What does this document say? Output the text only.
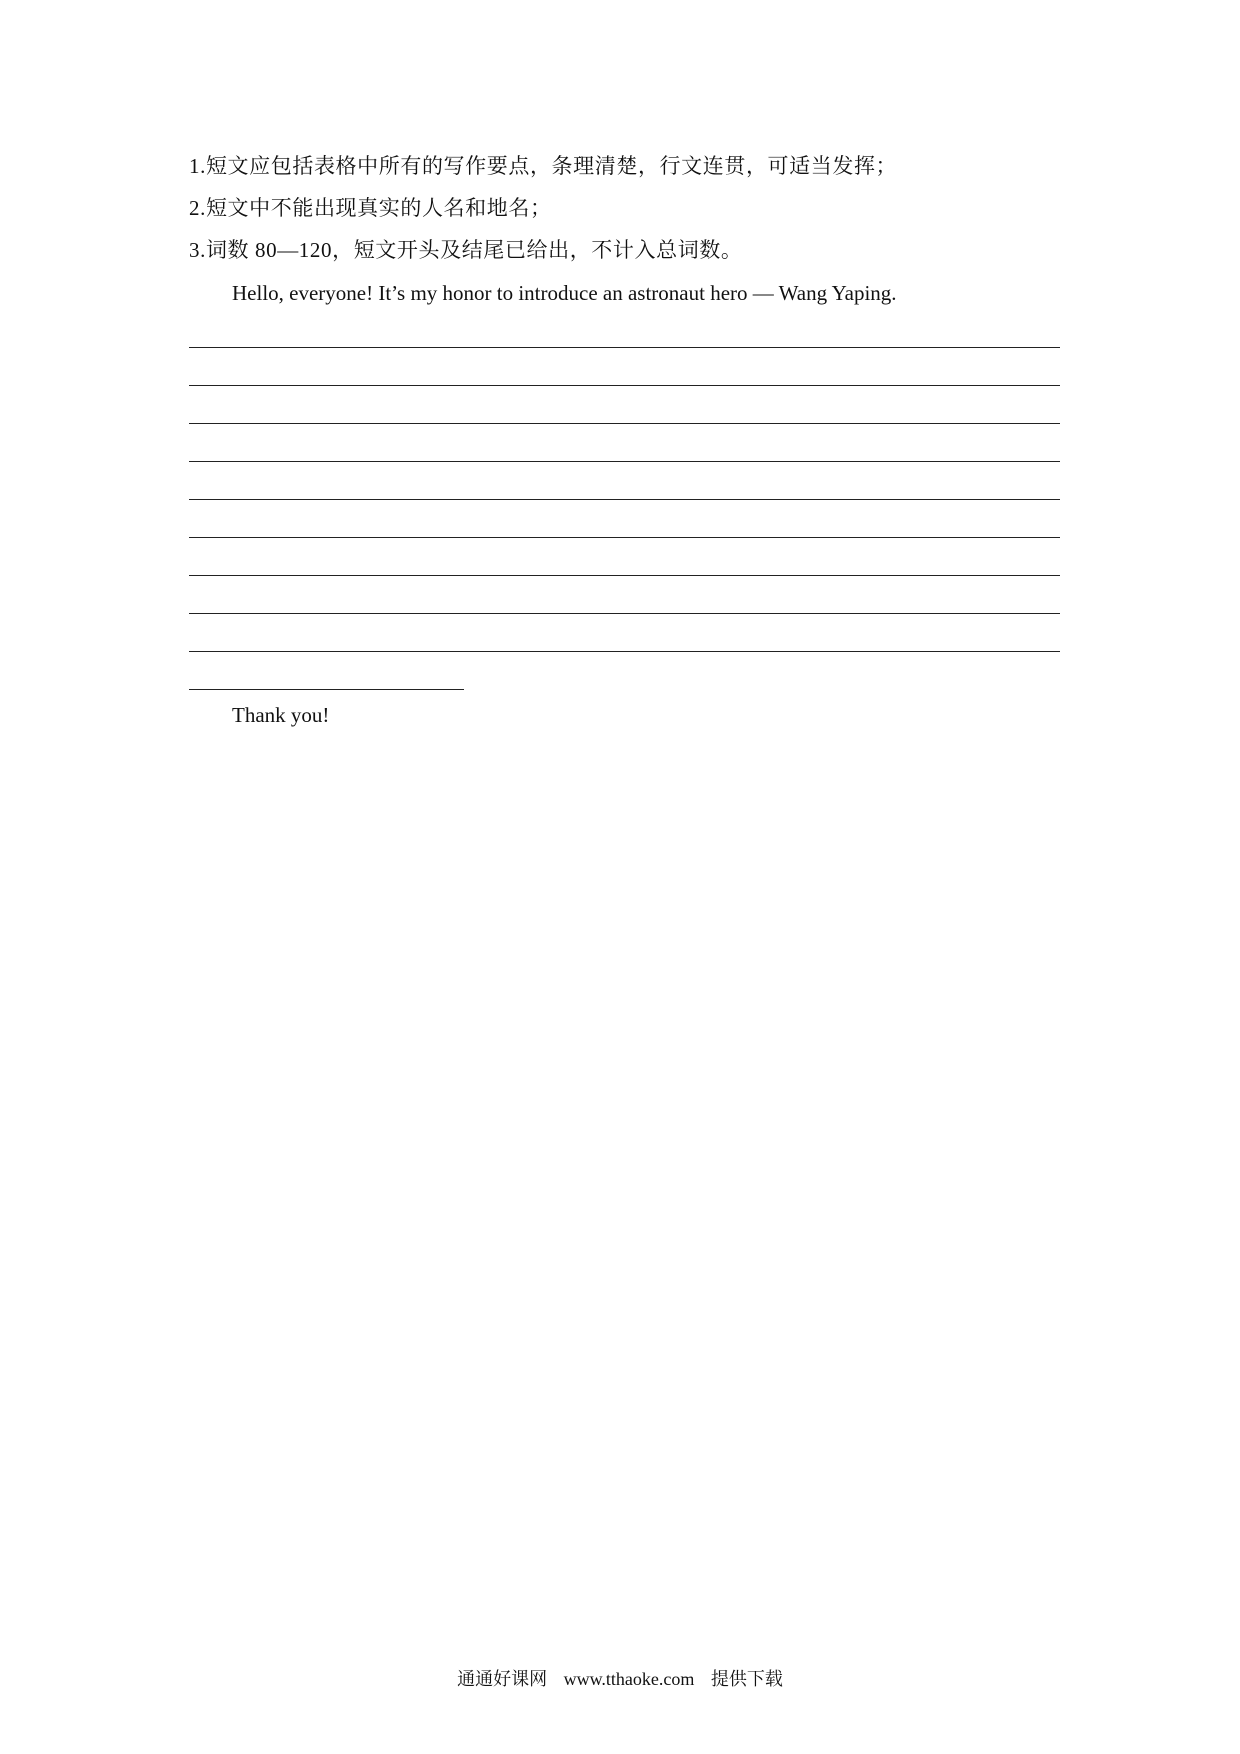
1.短文应包括表格中所有的写作要点，条理清楚，行文连贯，可适当发挥；
2.短文中不能出现真实的人名和地名；
3.词数 80—120，短文开头及结尾已给出，不计入总词数。
Hello, everyone! It’s my honor to introduce an astronaut hero — Wang Yaping.
Thank you!
通通好课网 www.tthaoke.com 提供下载
